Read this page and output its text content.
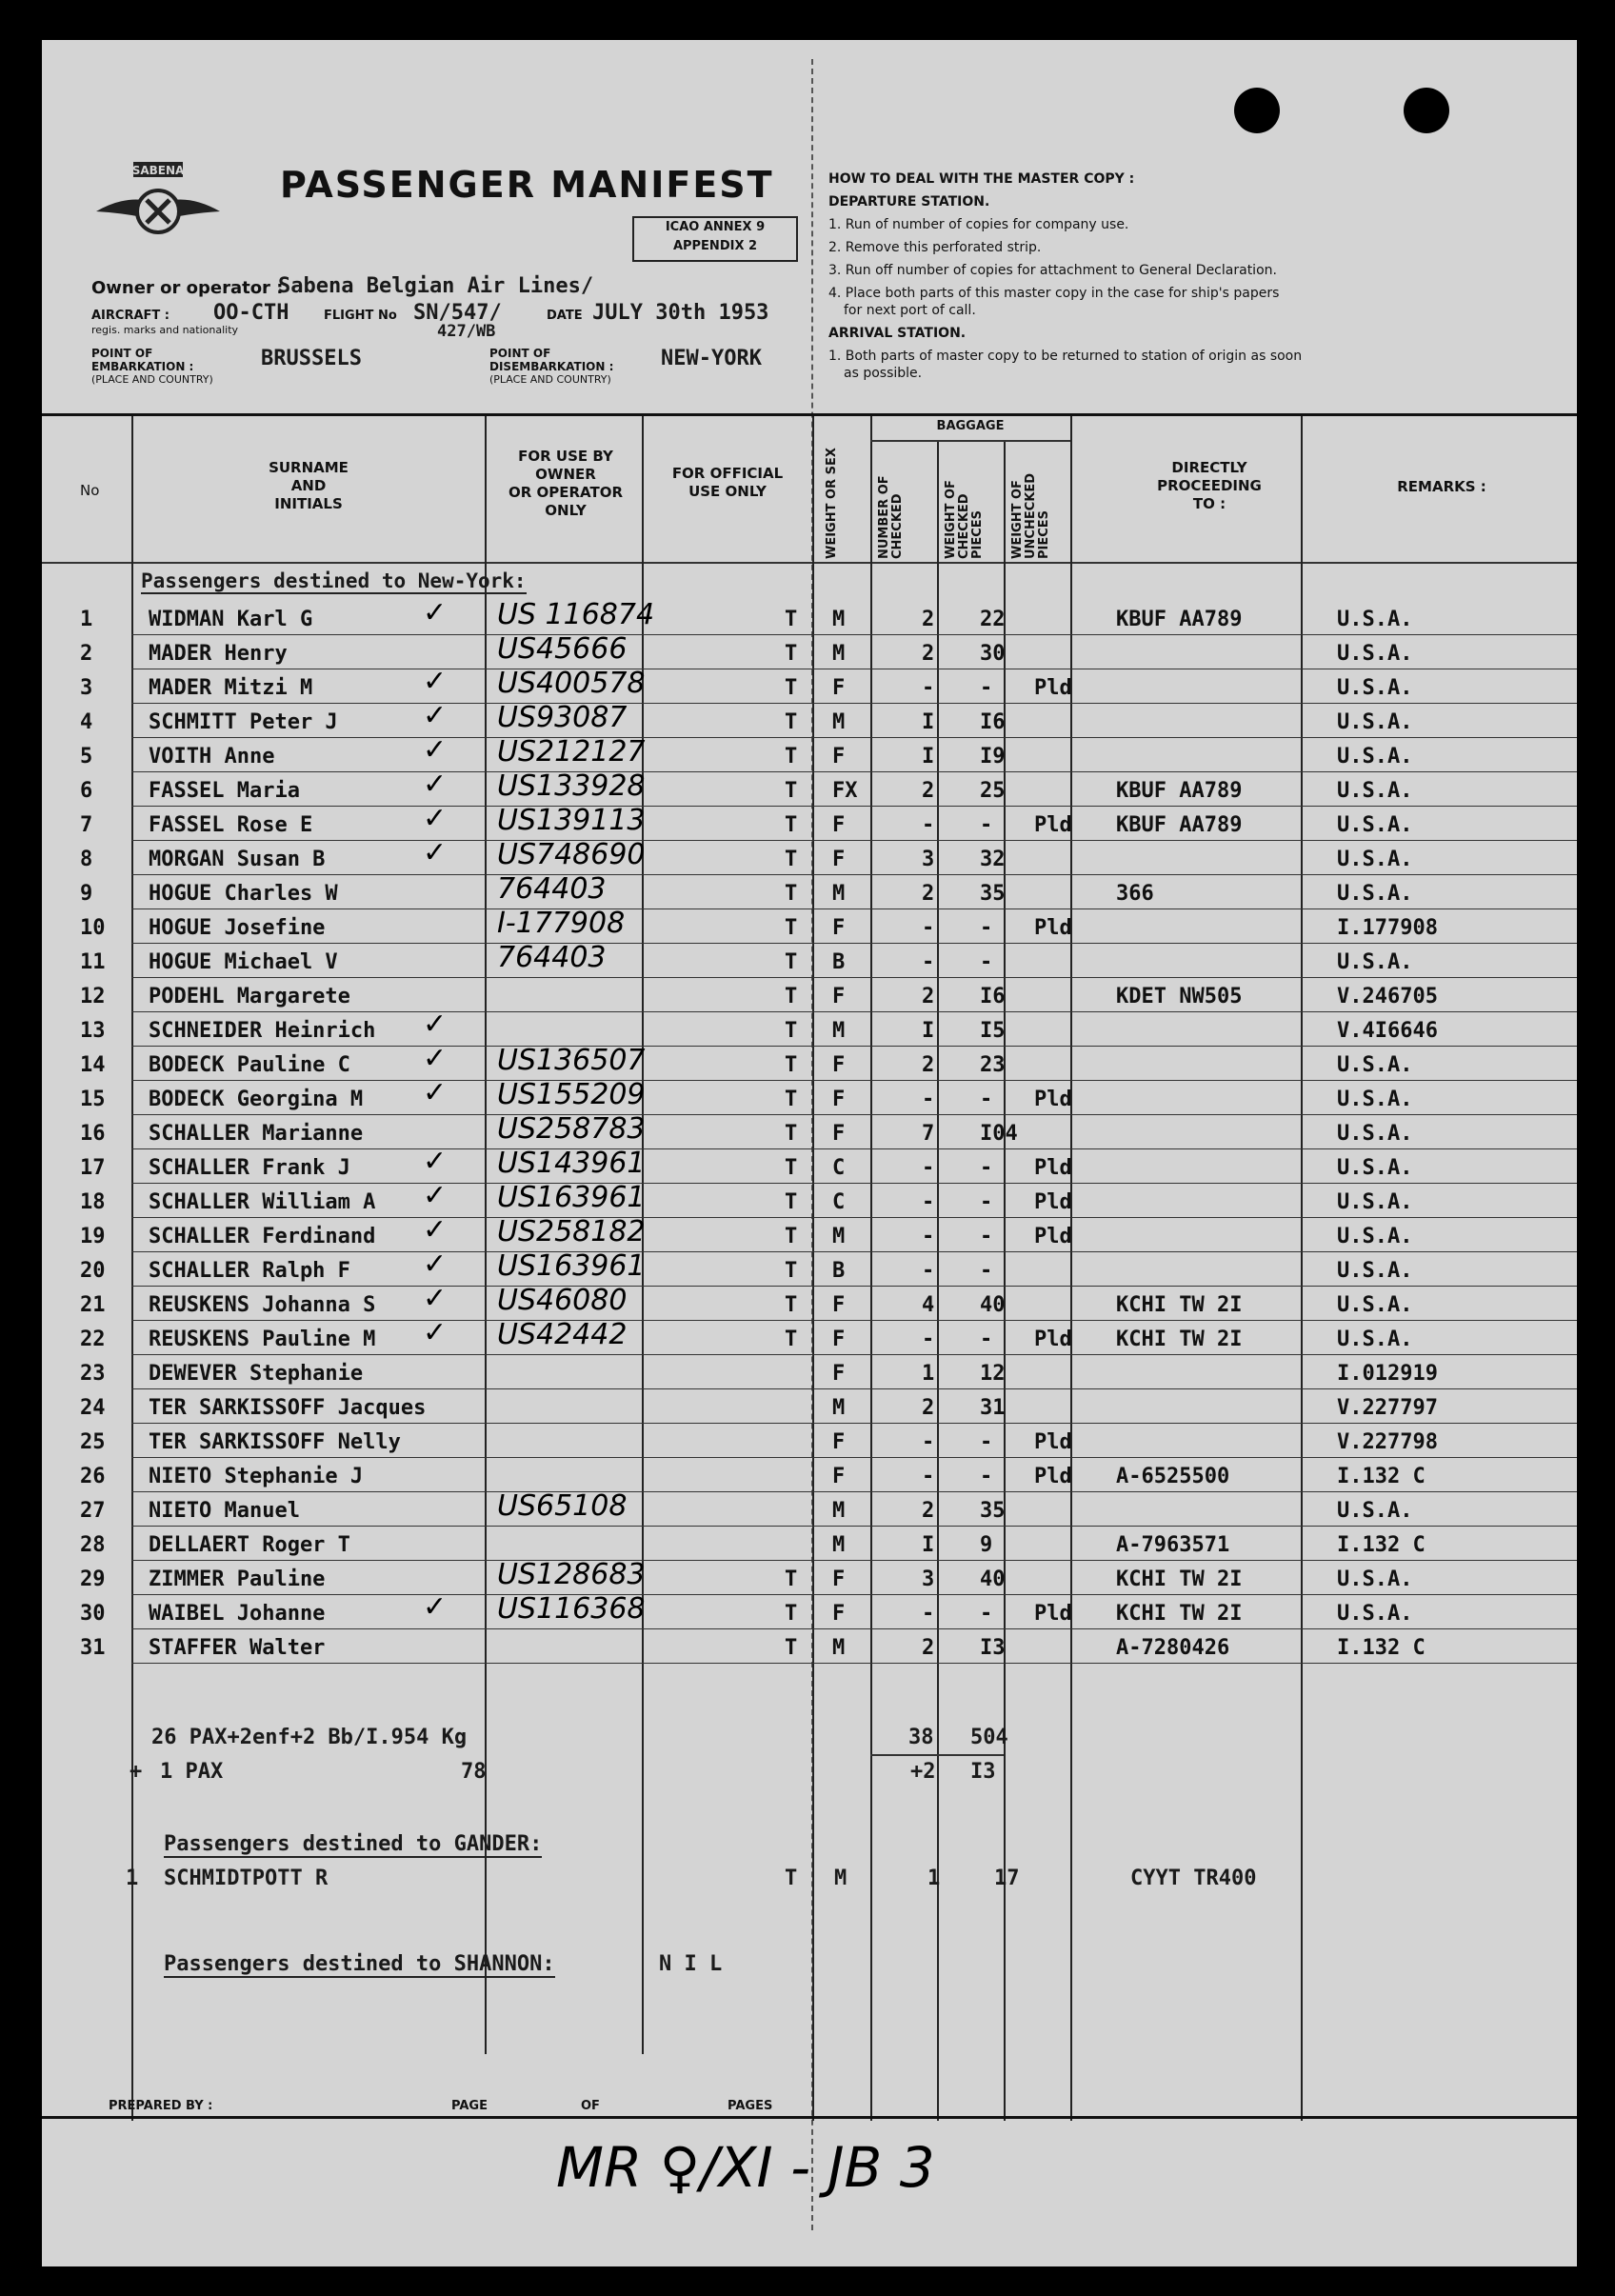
SABENA	PASSENGER MANIFEST
ICAO ANNEX 9
APPENDIX 2
Owner or operator :
Sabena Belgian Air Lines/
AIRCRAFT :
regis. marks and nationality
OO-CTH	FLIGHT No SN/547/
427/WB
DATE JULY 30th 1953
POINT OF EMBARKATION :
(PLACE AND COUNTRY)
BRUSSELS	POINT OF DISEMBARKATION :
(PLACE AND COUNTRY)
NEW-YORK
HOW TO DEAL WITH THE MASTER COPY :
DEPARTURE STATION.
1. Run of number of copies for company use.
2. Remove this perforated strip.
3. Run off number of copies for attachment to General Declaration.
4. Place both parts of this master copy in the case for ship's papers
for next port of call.
ARRIVAL STATION.
1. Both parts of master copy to be returned to station of origin as soon
as possible.
No
SURNAME
AND
INITIALS
FOR USE BY
OWNER
OR OPERATOR
ONLY
FOR OFFICIAL
USE ONLY	WEIGHT OR SEX
BAGGAGE
NUMBER OF CHECKED	WEIGHT OF CHECKED PIECES WEIGHT OF UNCHECKED PIECES
DIRECTLY
PROCEEDING
TO :
REMARKS :
Passengers destined to New-York:
1	WIDMAN Karl G	US 116874	T M	2 22	KBUF AA789	U.S.A.
✓
2	MADER Henry	US45666	T M	2 30	U.S.A.
3	MADER Mitzi M	US400578	T F	- - Pld	U.S.A.
✓
4	SCHMITT Peter J	US93087	T M	I I6	U.S.A.
✓
5	VOITH Anne	US212127	T F	I I9	U.S.A.
✓
6	FASSEL Maria	US133928	T FX	2 25	KBUF AA789	U.S.A.
✓
7	FASSEL Rose E	US139113	T F	- - Pld KBUF AA789	U.S.A.
✓
8	MORGAN Susan B	US748690	T F	3 32	U.S.A.
✓
9	HOGUE Charles W	764403	T M	2 35	366	U.S.A.
10 HOGUE Josefine	I-177908	T F	- - Pld	I.177908
11 HOGUE Michael V	764403	T B	- -	U.S.A.
12 PODEHL Margarete	T F	2 I6	KDET NW505	V.246705
13 SCHNEIDER Heinrich	T M	I I5	V.4I6646
✓
14 BODECK Pauline C	US136507	T F	2 23	U.S.A.
✓
15 BODECK Georgina M	US155209	T F	- - Pld	U.S.A.
✓
16 SCHALLER Marianne	US258783	T F	7 I04	U.S.A.
17 SCHALLER Frank J	US143961	T C	- - Pld	U.S.A.
✓
18 SCHALLER William A	US163961	T C	- - Pld	U.S.A.
✓
19 SCHALLER Ferdinand	US258182	T M	- - Pld	U.S.A.
✓
20 SCHALLER Ralph F	US163961	T B	- -	U.S.A.
✓
21 REUSKENS Johanna S	US46080	T F	4 40	KCHI TW 2I	U.S.A.
✓
22 REUSKENS Pauline M	US42442	T F	- - Pld KCHI TW 2I	U.S.A.
✓
23 DEWEVER Stephanie	F	1 12	I.012919
24 TER SARKISSOFF Jacques	M	2 31	V.227797
25 TER SARKISSOFF Nelly	F	- - Pld	V.227798
26 NIETO Stephanie J	F	- - Pld A-6525500	I.132 C
27 NIETO Manuel	US65108	M	2 35	U.S.A.
28 DELLAERT Roger T	M	I 9	A-7963571	I.132 C
29 ZIMMER Pauline	US128683	T F	3 40	KCHI TW 2I	U.S.A.
30 WAIBEL Johanne	US116368	T F	- - Pld KCHI TW 2I	U.S.A.
✓
31 STAFFER Walter	T M	2 I3	A-7280426	I.132 C
26 PAX+2enf+2 Bb/I.954 Kg	38 504
+ 1 PAX	78	+2 I3
Passengers destined to GANDER:
1 SCHMIDTPOTT R	T M	1	17	CYYT TR400
Passengers destined to SHANNON:	N I L
PREPARED BY :	PAGE	OF	PAGES
MR ♀/XI - JB 3
